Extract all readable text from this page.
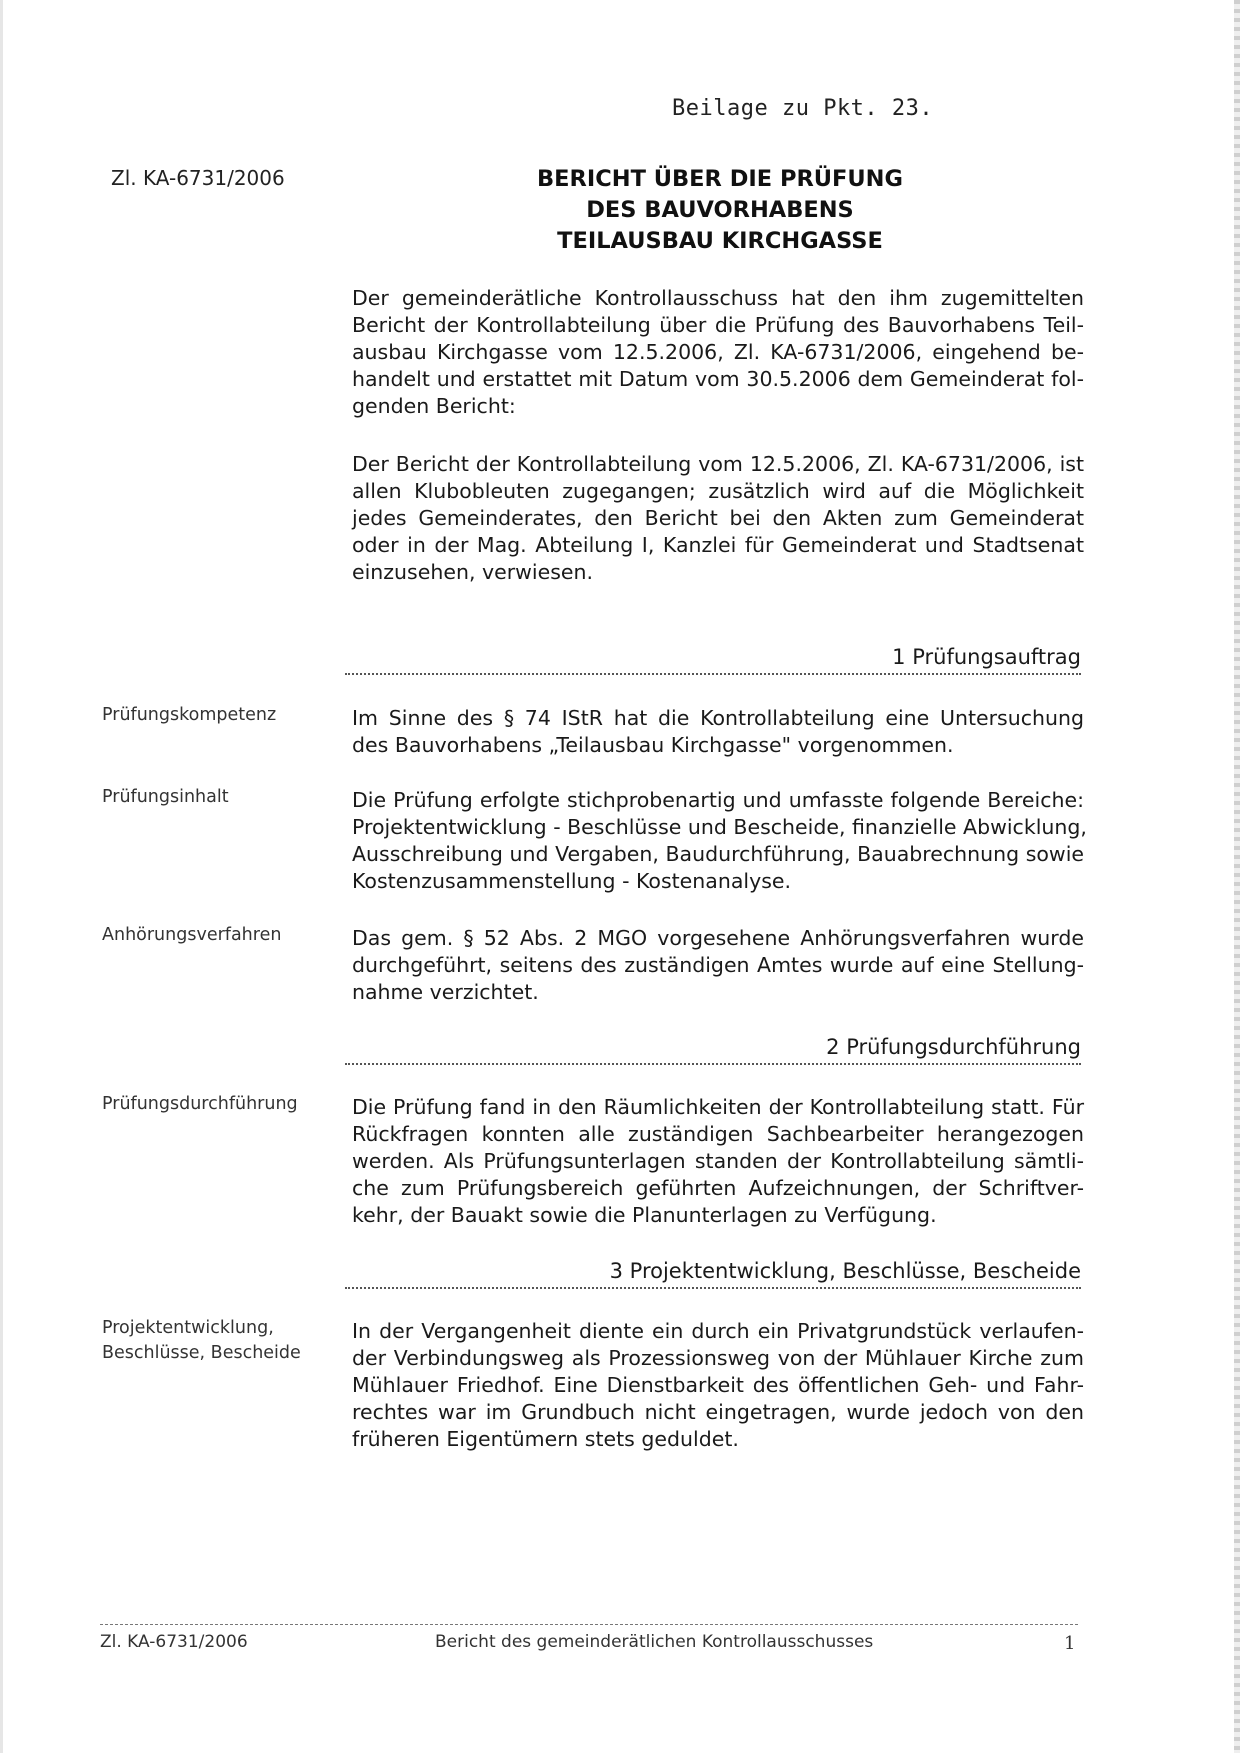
Beilage zu Pkt. 23.
Zl. KA-6731/2006	BERICHT ÜBER DIE PRÜFUNG
DES BAUVORHABENS
TEILAUSBAU KIRCHGASSE
Der gemeinderätliche Kontrollausschuss hat den ihm zugemittelten
Bericht der Kontrollabteilung über die Prüfung des Bauvorhabens Teil-
ausbau Kirchgasse vom 12.5.2006, Zl. KA-6731/2006, eingehend be-
handelt und erstattet mit Datum vom 30.5.2006 dem Gemeinderat fol-
genden Bericht:
Der Bericht der Kontrollabteilung vom 12.5.2006, Zl. KA-6731/2006, ist
allen Klubobleuten zugegangen; zusätzlich wird auf die Möglichkeit
jedes Gemeinderates, den Bericht bei den Akten zum Gemeinderat
oder in der Mag. Abteilung I, Kanzlei für Gemeinderat und Stadtsenat
einzusehen, verwiesen.
1 Prüfungsauftrag
Prüfungskompetenz	Im Sinne des § 74 IStR hat die Kontrollabteilung eine Untersuchung
des Bauvorhabens „Teilausbau Kirchgasse" vorgenommen.
Prüfungsinhalt	Die Prüfung erfolgte stichprobenartig und umfasste folgende Bereiche:
Projektentwicklung - Beschlüsse und Bescheide, finanzielle Abwicklung,
Ausschreibung und Vergaben, Baudurchführung, Bauabrechnung sowie
Kostenzusammenstellung - Kostenanalyse.
Anhörungsverfahren	Das gem. § 52 Abs. 2 MGO vorgesehene Anhörungsverfahren wurde
durchgeführt, seitens des zuständigen Amtes wurde auf eine Stellung-
nahme verzichtet.
2 Prüfungsdurchführung
Prüfungsdurchführung	Die Prüfung fand in den Räumlichkeiten der Kontrollabteilung statt. Für
Rückfragen konnten alle zuständigen Sachbearbeiter herangezogen
werden. Als Prüfungsunterlagen standen der Kontrollabteilung sämtli-
che zum Prüfungsbereich geführten Aufzeichnungen, der Schriftver-
kehr, der Bauakt sowie die Planunterlagen zu Verfügung.
3 Projektentwicklung, Beschlüsse, Bescheide
Projektentwicklung,
Beschlüsse, Bescheide
In der Vergangenheit diente ein durch ein Privatgrundstück verlaufen-
der Verbindungsweg als Prozessionsweg von der Mühlauer Kirche zum
Mühlauer Friedhof. Eine Dienstbarkeit des öffentlichen Geh- und Fahr-
rechtes war im Grundbuch nicht eingetragen, wurde jedoch von den
früheren Eigentümern stets geduldet.
Zl. KA-6731/2006	Bericht des gemeinderätlichen Kontrollausschusses	1
